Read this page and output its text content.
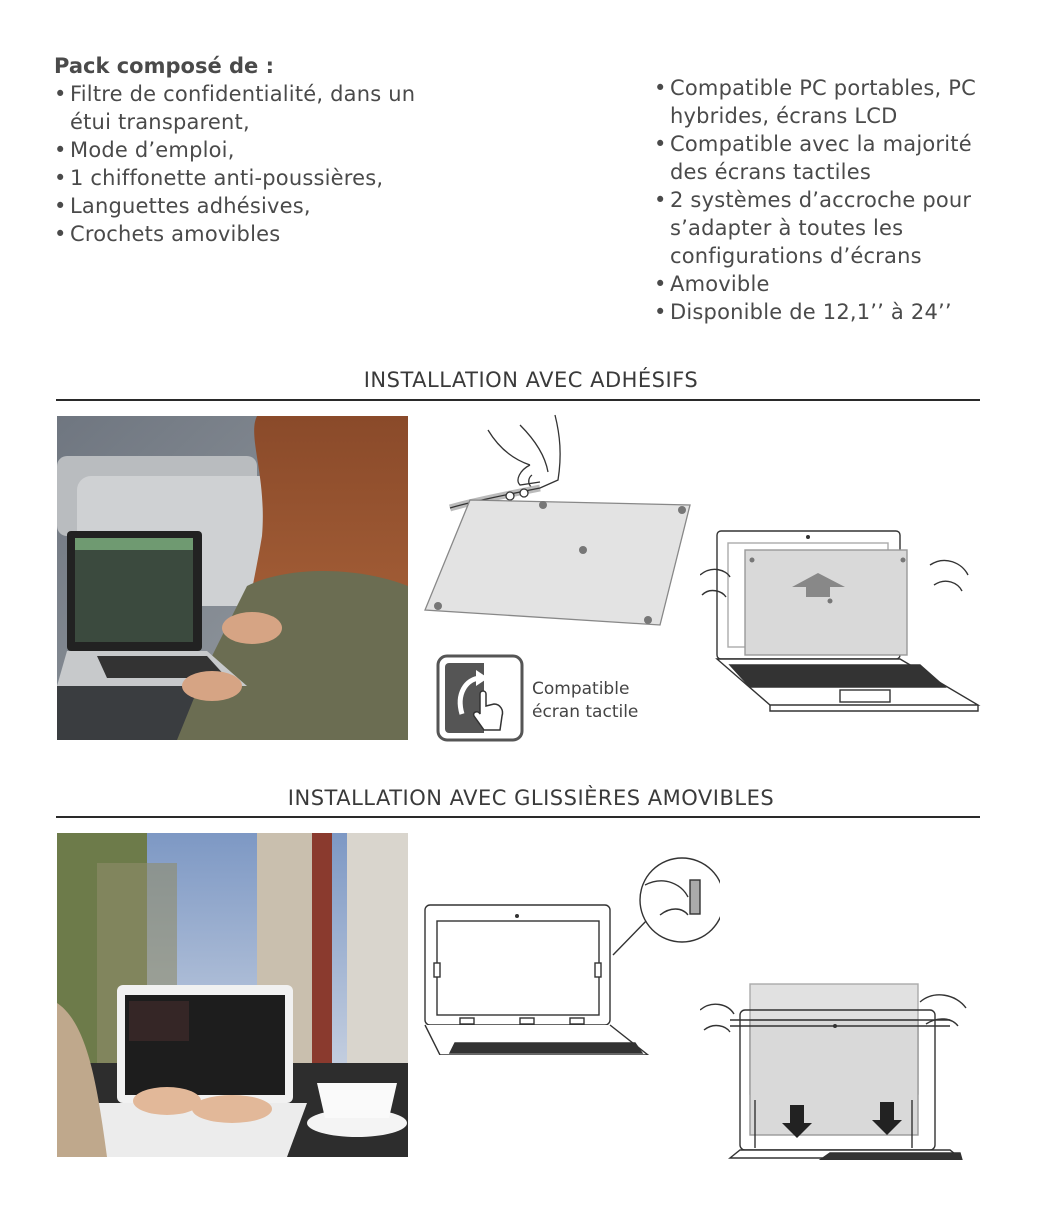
Pack composé de :
• Filtre de confidentialité, dans un étui transparent,
• Mode d’emploi,
• 1 chiffonette anti-poussières,
• Languettes adhésives,
• Crochets amovibles
• Compatible PC portables, PC hybrides, écrans LCD
• Compatible avec la majorité des écrans tactiles
• 2 systèmes d’accroche pour s’adapter à toutes les configurations d’écrans
• Amovible
• Disponible de 12,1’’ à 24’’
INSTALLATION AVEC ADHÉSIFS
Compatible
écran tactile
INSTALLATION AVEC GLISSIÈRES AMOVIBLES
